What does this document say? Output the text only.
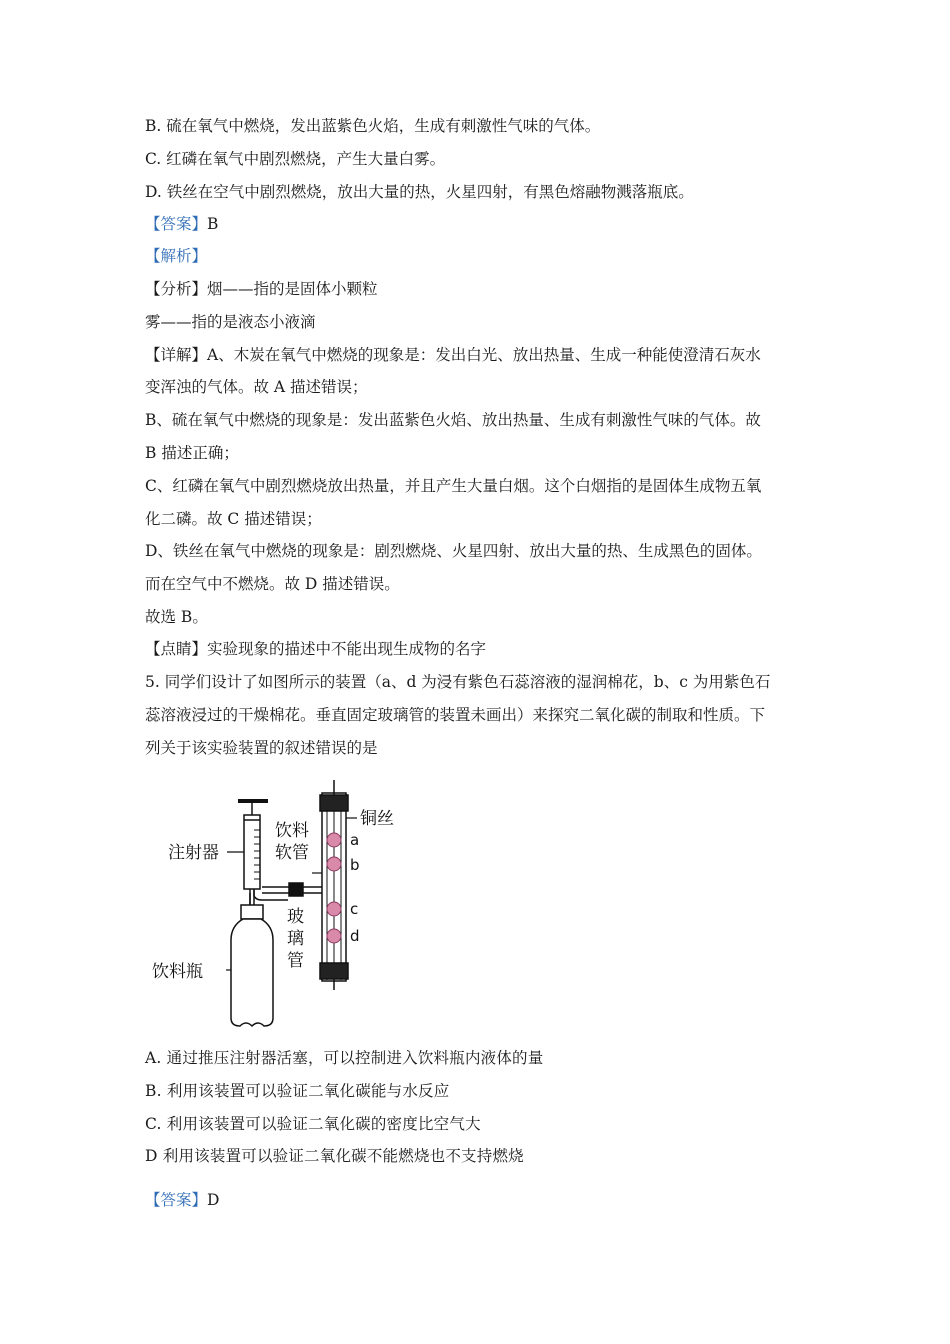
B. 硫在氧气中燃烧，发出蓝紫色火焰，生成有刺激性气味的气体。
C. 红磷在氧气中剧烈燃烧，产生大量白雾。
D. 铁丝在空气中剧烈燃烧，放出大量的热，火星四射，有黑色熔融物溅落瓶底。
【答案】B
【解析】
【分析】烟——指的是固体小颗粒
雾——指的是液态小液滴
【详解】A、木炭在氧气中燃烧的现象是：发出白光、放出热量、生成一种能使澄清石灰水
变浑浊的气体。故 A 描述错误；
B、硫在氧气中燃烧的现象是：发出蓝紫色火焰、放出热量、生成有刺激性气味的气体。故
B 描述正确；
C、红磷在氧气中剧烈燃烧放出热量，并且产生大量白烟。这个白烟指的是固体生成物五氧
化二磷。故 C 描述错误；
D、铁丝在氧气中燃烧的现象是：剧烈燃烧、火星四射、放出大量的热、生成黑色的固体。
而在空气中不燃烧。故 D 描述错误。
故选 B。
【点睛】实验现象的描述中不能出现生成物的名字
5. 同学们设计了如图所示的装置（a、d 为浸有紫色石蕊溶液的湿润棉花，b、c 为用紫色石
蕊溶液浸过的干燥棉花。垂直固定玻璃管的装置未画出）来探究二氧化碳的制取和性质。下
列关于该实验装置的叙述错误的是
注射器
饮料
软管
玻
璃
管
铜丝
饮料瓶
a
b
c
d
A. 通过推压注射器活塞，可以控制进入饮料瓶内液体的量
B. 利用该装置可以验证二氧化碳能与水反应
C. 利用该装置可以验证二氧化碳的密度比空气大
D 利用该装置可以验证二氧化碳不能燃烧也不支持燃烧
【答案】D
